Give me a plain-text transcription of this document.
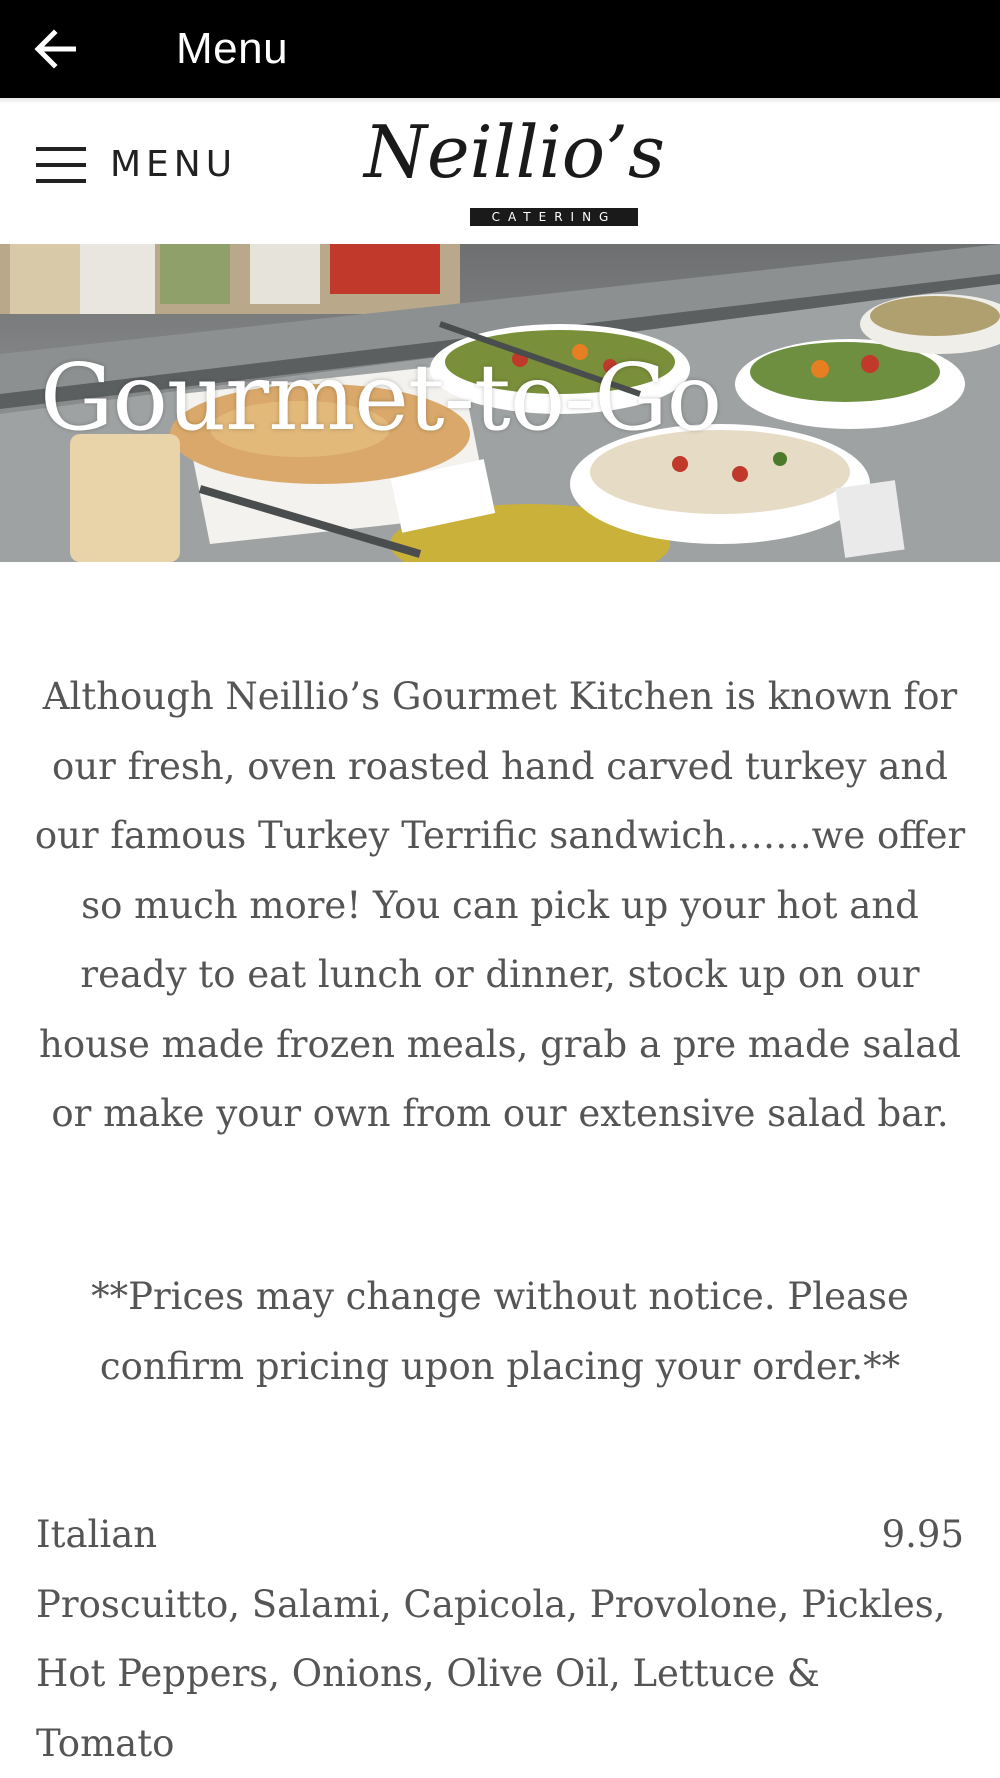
Menu
MENU Neillio’s
CATERING
Gourmet-to-Go

Although Neillio’s Gourmet Kitchen is known for our fresh, oven roasted hand carved turkey and our famous Turkey Terrific sandwich…….we offer so much more! You can pick up your hot and ready to eat lunch or dinner, stock up on our house made frozen meals, grab a pre made salad or make your own from our extensive salad bar.

**Prices may change without notice. Please confirm pricing upon placing your order.**

Italian	9.95

Proscuitto, Salami, Capicola, Provolone, Pickles, Hot Peppers, Onions, Olive Oil, Lettuce & Tomato
